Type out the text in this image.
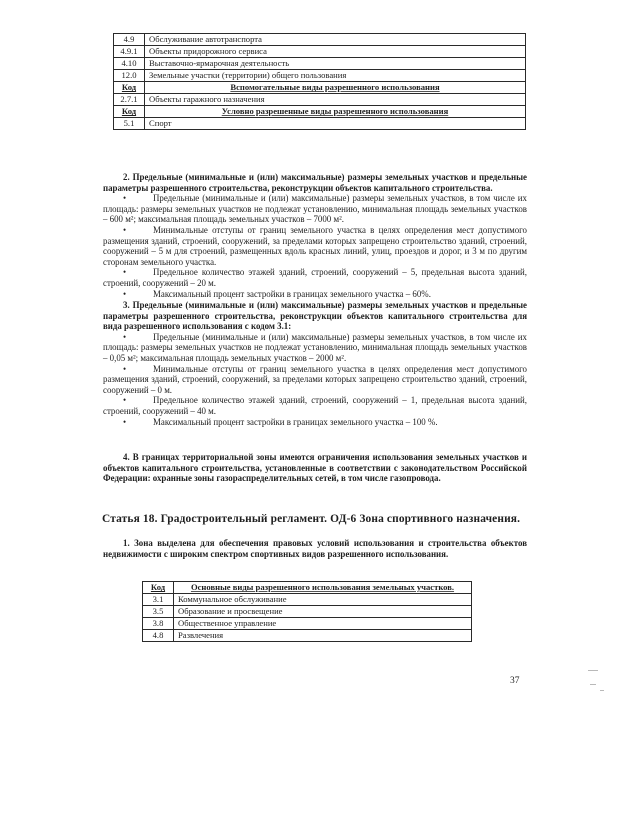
4.9	Обслуживание автотранспорта
4.9.1	Объекты придорожного сервиса
4.10	Выставочно-ярмарочная деятельность
12.0	Земельные участки (территории) общего пользования
Код	Вспомогательные виды разрешенного использования
2.7.1	Объекты гаражного назначения
Код	Условно разрешенные виды разрешенного использования
5.1	Спорт
2. Предельные (минимальные и (или) максимальные) размеры земельных участков и предельные параметры разрешенного строительства, реконструкции объектов капитального строительства.
•	Предельные (минимальные и (или) максимальные) размеры земельных участков, в том числе их площадь: размеры земельных участков не подлежат установлению, минимальная площадь земельных участков – 600 м²; максимальная площадь земельных участков – 7000 м².
•	Минимальные отступы от границ земельного участка в целях определения мест допустимого размещения зданий, строений, сооружений, за пределами которых запрещено строительство зданий, строений, сооружений – 5 м для строений, размещенных вдоль красных линий, улиц, проездов и дорог, и 3 м по другим сторонам земельного участка.
•	Предельное количество этажей зданий, строений, сооружений – 5, предельная высота зданий, строений, сооружений – 20 м.
•	Максимальный процент застройки в границах земельного участка – 60%.
3. Предельные (минимальные и (или) максимальные) размеры земельных участков и предельные параметры разрешенного строительства, реконструкции объектов капитального строительства для вида разрешенного использования с кодом 3.1:
•	Предельные (минимальные и (или) максимальные) размеры земельных участков, в том числе их площадь: размеры земельных участков не подлежат установлению, минимальная площадь земельных участков – 0,05 м²; максимальная площадь земельных участков – 2000 м².
•	Минимальные отступы от границ земельного участка в целях определения мест допустимого размещения зданий, строений, сооружений, за пределами которых запрещено строительство зданий, строений, сооружений – 0 м.
•	Предельное количество этажей зданий, строений, сооружений – 1, предельная высота зданий, строений, сооружений – 40 м.
•	Максимальный процент застройки в границах земельного участка – 100 %.
4. В границах территориальной зоны имеются ограничения использования земельных участков и объектов капитального строительства, установленные в соответствии с законодательством Российской Федерации: охранные зоны газораспределительных сетей, в том числе газопровода.
Статья 18. Градостроительный регламент. ОД-6 Зона спортивного назначения.
1. Зона выделена для обеспечения правовых условий использования и строительства объектов недвижимости с широким спектром спортивных видов разрешенного использования.
Код	Основные виды разрешенного использования земельных участков.
3.1	Коммунальное обслуживание
3.5	Образование и просвещение
3.8	Общественное управление
4.8	Развлечения
37
